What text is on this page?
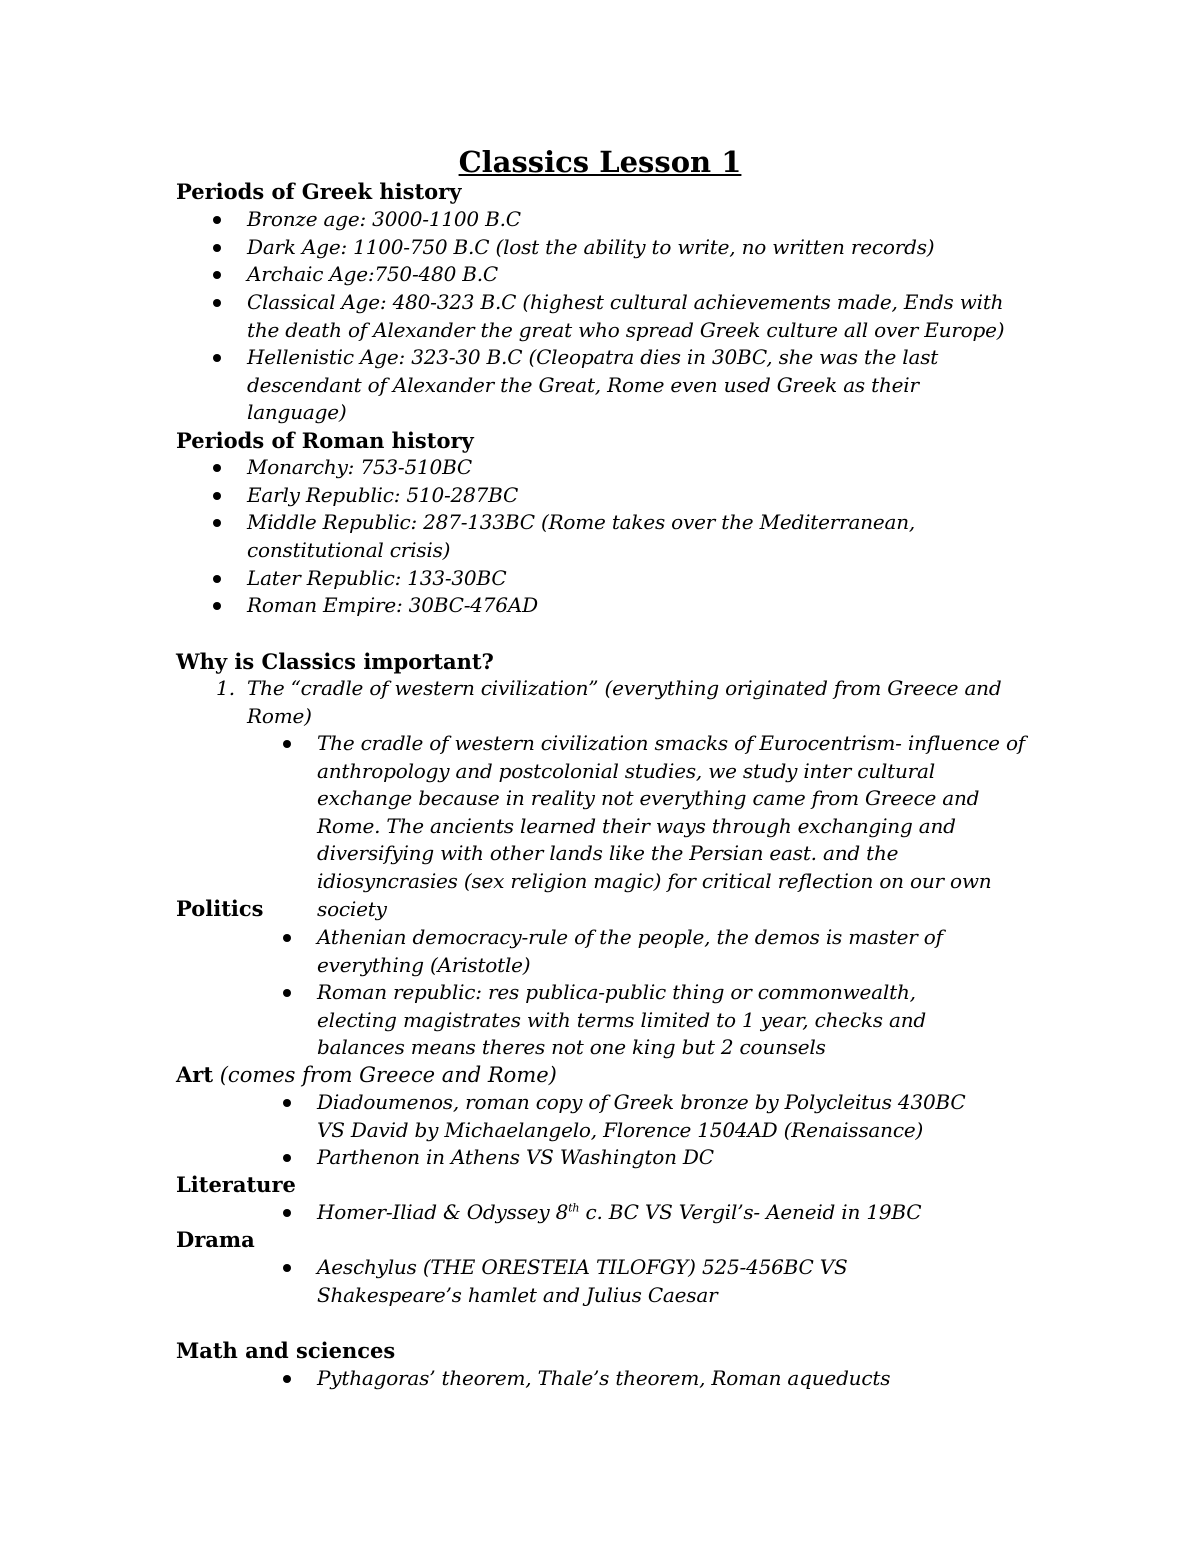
Classics Lesson 1
Periods of Greek history
Bronze age: 3000-1100 B.C
Dark Age: 1100-750 B.C (lost the ability to write, no written records)
Archaic Age:750-480 B.C
Classical Age: 480-323 B.C (highest cultural achievements made, Ends with the death of Alexander the great who spread Greek culture all over Europe)
Hellenistic Age: 323-30 B.C (Cleopatra dies in 30BC, she was the last descendant of Alexander the Great, Rome even used Greek as their language)
Periods of Roman history
Monarchy: 753-510BC
Early Republic: 510-287BC
Middle Republic: 287-133BC (Rome takes over the Mediterranean, constitutional crisis)
Later Republic: 133-30BC
Roman Empire: 30BC-476AD
Why is Classics important?
1. The “cradle of western civilization” (everything originated from Greece and Rome)
The cradle of western civilization smacks of Eurocentrism- influence of anthropology and postcolonial studies, we study inter cultural exchange because in reality not everything came from Greece and Rome. The ancients learned their ways through exchanging and diversifying with other lands like the Persian east. and the idiosyncrasies (sex religion magic) for critical reflection on our own society
Politics
Athenian democracy-rule of the people, the demos is master of everything (Aristotle)
Roman republic: res publica-public thing or commonwealth, electing magistrates with terms limited to 1 year, checks and balances means theres not one king but 2 counsels
Art (comes from Greece and Rome)
Diadoumenos, roman copy of Greek bronze by Polycleitus 430BC VS David by Michaelangelo, Florence 1504AD (Renaissance)
Parthenon in Athens VS Washington DC
Literature
Homer-Iliad & Odyssey 8th c. BC VS Vergil’s- Aeneid in 19BC
Drama
Aeschylus (THE ORESTEIA TILOFGY) 525-456BC VS Shakespeare’s hamlet and Julius Caesar
Math and sciences
Pythagoras’ theorem, Thale’s theorem, Roman aqueducts
